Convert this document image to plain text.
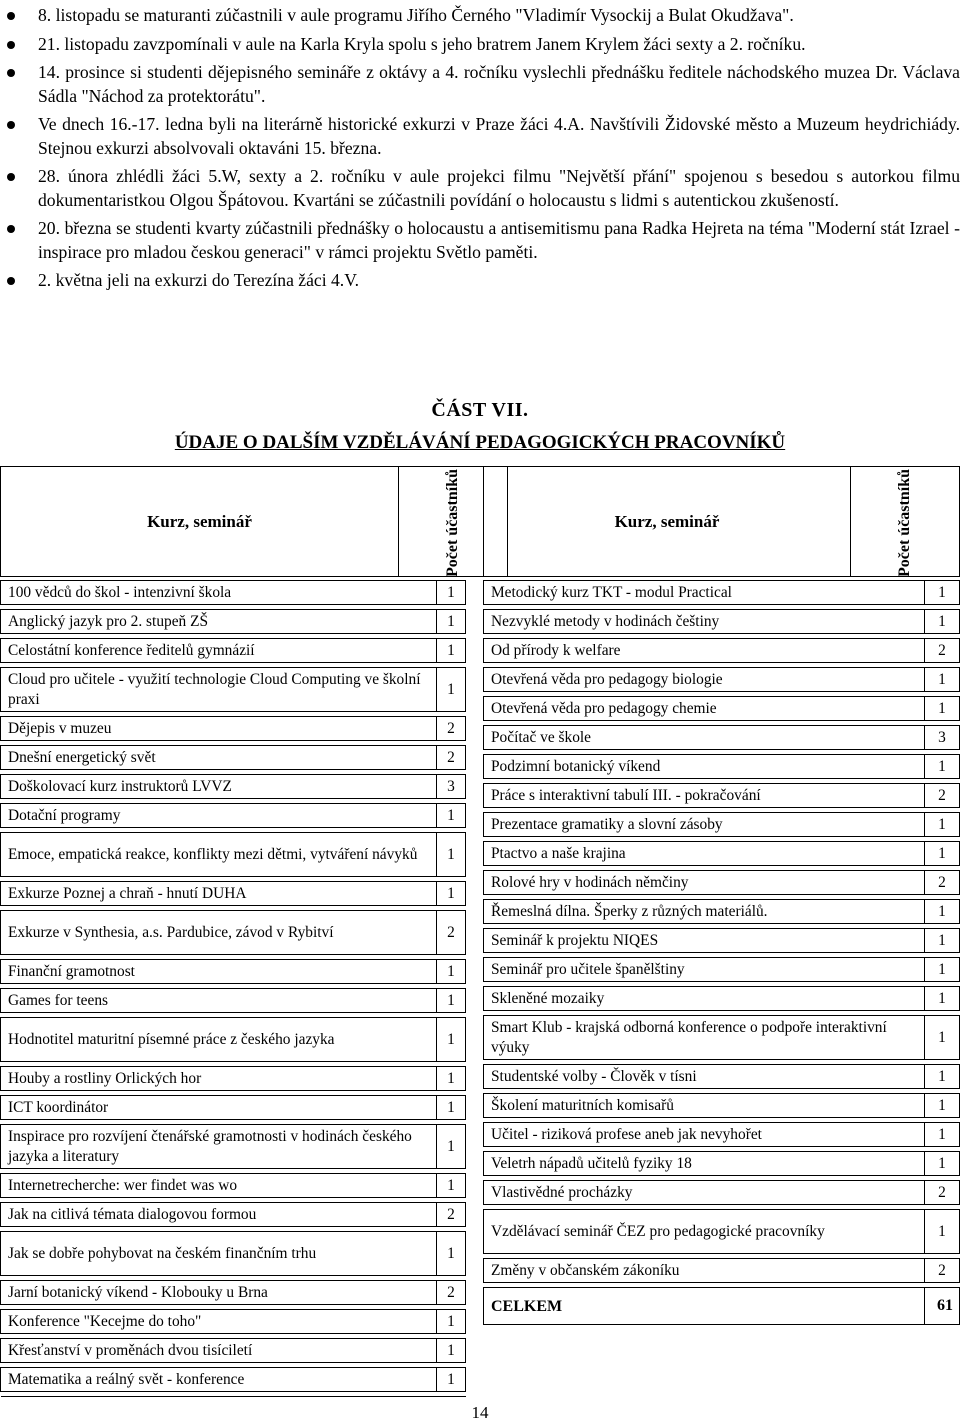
8. listopadu se maturanti zúčastnili v aule programu Jiřího Černého "Vladimír Vysockij a Bulat Okudžava".
21. listopadu zavzpomínali v aule na Karla Kryla spolu s jeho bratrem Janem Krylem žáci sexty a 2. ročníku.
14. prosince si studenti dějepisného semináře z oktávy a 4. ročníku vyslechli přednášku ředitele náchodského muzea Dr. Václava Sádla "Náchod za protektorátu".
Ve dnech 16.-17. ledna byli na literárně historické exkurzi v Praze žáci 4.A. Navštívili Židovské město a Muzeum heydrichiády. Stejnou exkurzi absolvovali oktaváni 15. března.
28. února zhlédli žáci 5.W, sexty a 2. ročníku v aule projekci filmu "Největší přání" spojenou s besedou s autorkou filmu dokumentaristkou Olgou Špátovou. Kvartáni se zúčastnili povídání o holocaustu s lidmi s autentickou zkušeností.
20. března se studenti kvarty zúčastnili přednášky o holocaustu a antisemitismu pana Radka Hejreta na téma "Moderní stát Izrael - inspirace pro mladou českou generaci" v rámci projektu Světlo paměti.
2. května jeli na exkurzi do Terezína žáci 4.V.
ČÁST VII.
ÚDAJE O DALŠÍM VZDĚLÁVÁNÍ PEDAGOGICKÝCH PRACOVNÍKŮ
Kurz, seminář	Počet účastníků	Kurz, seminář	Počet účastníků
100 vědců do škol - intenzivní škola	1

Anglický jazyk pro 2. stupeň ZŠ	1

Celostátní konference ředitelů gymnázií	1

Cloud pro učitele - využití technologie Cloud Computing ve školní praxi	1

Dějepis v muzeu	2

Dnešní energetický svět	2

Doškolovací kurz instruktorů LVVZ	3

Dotační programy	1

Emoce, empatická reakce, konflikty mezi dětmi, vytváření návyků	1

Exkurze Poznej a chraň - hnutí DUHA	1

Exkurze v Synthesia, a.s. Pardubice, závod v Rybitví	2

Finanční gramotnost	1

Games for teens	1

Hodnotitel maturitní písemné práce z českého jazyka	1

Houby a rostliny Orlických hor	1

ICT koordinátor	1

Inspirace pro rozvíjení čtenářské gramotnosti v hodinách českého jazyka a literatury	1

Internetrecherche: wer findet was wo	1

Jak na citlivá témata dialogovou formou	2

Jak se dobře pohybovat na českém finančním trhu	1

Jarní botanický víkend - Klobouky u Brna	2

Konference "Kecejme do toho"	1

Křesťanství v proměnách dvou tisíciletí	1

Matematika a reálný svět - konference	1

Metodický kurz TKT - modul Practical	1

Nezvyklé metody v hodinách češtiny	1

Od přírody k welfare	2

Otevřená věda pro pedagogy biologie	1

Otevřená věda pro pedagogy chemie	1

Počítač ve škole	3

Podzimní botanický víkend	1

Práce s interaktivní tabulí III. - pokračování	2

Prezentace gramatiky a slovní zásoby	1

Ptactvo a naše krajina	1

Rolové hry v hodinách němčiny	2

Řemeslná dílna. Šperky z různých materiálů.	1

Seminář k projektu NIQES	1

Seminář pro učitele španělštiny	1

Skleněné mozaiky	1

Smart Klub - krajská odborná konference o podpoře interaktivní výuky	1

Studentské volby - Člověk v tísni	1

Školení maturitních komisařů	1

Učitel - riziková profese aneb jak nevyhořet	1

Veletrh nápadů učitelů fyziky 18	1

Vlastivědné procházky	2

Vzdělávací seminář ČEZ pro pedagogické pracovníky	1

Změny v občanském zákoníku	2

CELKEM	61
14
